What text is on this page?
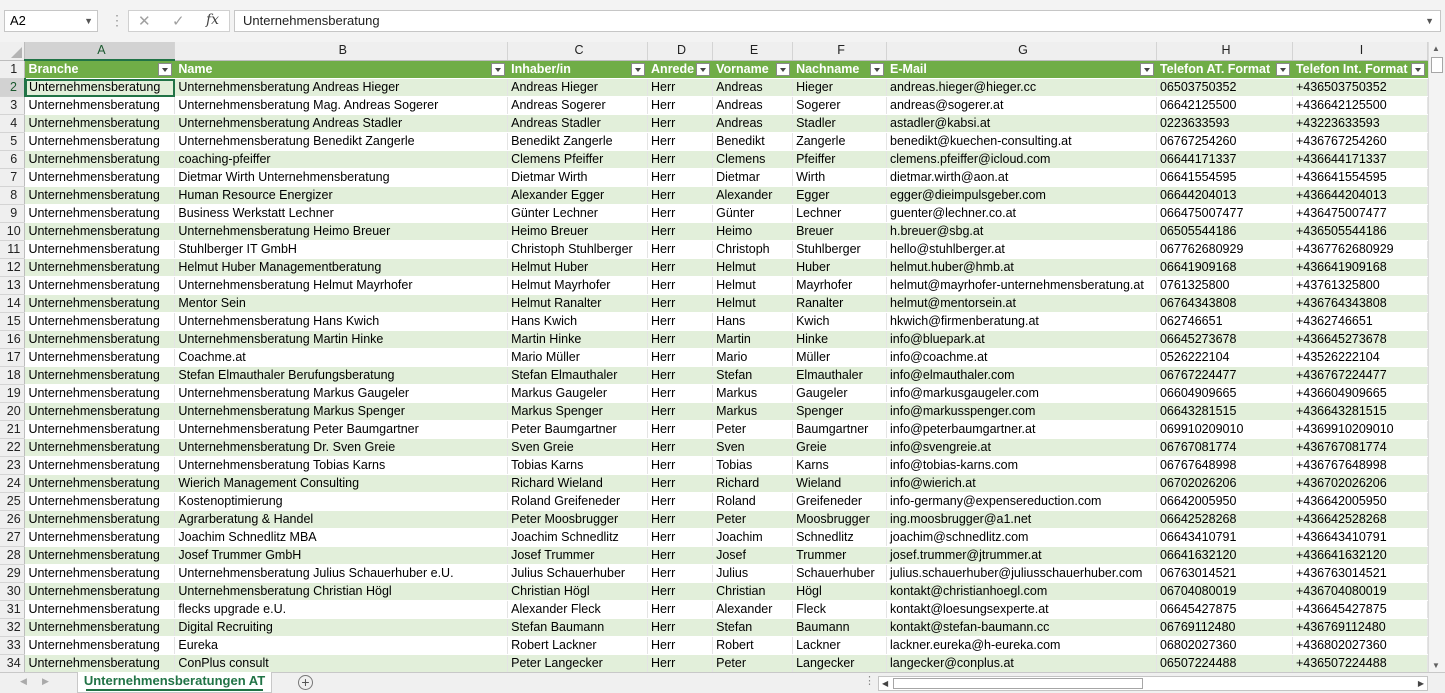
A2	▼ ⋮ ✕ ✓ fx	Unternehmensberatung	▼
	A	B	C	D	E	F	G	H	I
1	Branche	Name	Inhaber/in	Anrede	Vorname	Nachname	E-Mail	Telefon AT. Format	Telefon Int. Format

2	Unternehmensberatung	Unternehmensberatung Andreas Hieger	Andreas Hieger	Herr	Andreas	Hieger	andreas.hieger@hieger.cc	06503750352	+436503750352
3	Unternehmensberatung	Unternehmensberatung Mag. Andreas Sogerer	Andreas Sogerer	Herr	Andreas	Sogerer	andreas@sogerer.at	06642125500	+436642125500
4	Unternehmensberatung	Unternehmensberatung Andreas Stadler	Andreas Stadler	Herr	Andreas	Stadler	astadler@kabsi.at	0223633593	+43223633593
5	Unternehmensberatung	Unternehmensberatung Benedikt Zangerle	Benedikt Zangerle	Herr	Benedikt	Zangerle	benedikt@kuechen-consulting.at	06767254260	+436767254260
6	Unternehmensberatung	coaching-pfeiffer	Clemens Pfeiffer	Herr	Clemens	Pfeiffer	clemens.pfeiffer@icloud.com	06644171337	+436644171337
7	Unternehmensberatung	Dietmar Wirth Unternehmensberatung	Dietmar Wirth	Herr	Dietmar	Wirth	dietmar.wirth@aon.at	06641554595	+436641554595
8	Unternehmensberatung	Human Resource Energizer	Alexander Egger	Herr	Alexander	Egger	egger@dieimpulsgeber.com	06644204013	+436644204013
9	Unternehmensberatung	Business Werkstatt Lechner	Günter Lechner	Herr	Günter	Lechner	guenter@lechner.co.at	066475007477	+436475007477
10	Unternehmensberatung	Unternehmensberatung Heimo Breuer	Heimo Breuer	Herr	Heimo	Breuer	h.breuer@sbg.at	06505544186	+436505544186
11	Unternehmensberatung	Stuhlberger IT GmbH	Christoph Stuhlberger	Herr	Christoph	Stuhlberger	hello@stuhlberger.at	067762680929	+4367762680929
12	Unternehmensberatung	Helmut Huber Managementberatung	Helmut Huber	Herr	Helmut	Huber	helmut.huber@hmb.at	06641909168	+436641909168
13	Unternehmensberatung	Unternehmensberatung Helmut Mayrhofer	Helmut Mayrhofer	Herr	Helmut	Mayrhofer	helmut@mayrhofer-unternehmensberatung.at	0761325800	+43761325800
14	Unternehmensberatung	Mentor Sein	Helmut Ranalter	Herr	Helmut	Ranalter	helmut@mentorsein.at	06764343808	+436764343808
15	Unternehmensberatung	Unternehmensberatung Hans Kwich	Hans Kwich	Herr	Hans	Kwich	hkwich@firmenberatung.at	062746651	+4362746651
16	Unternehmensberatung	Unternehmensberatung Martin Hinke	Martin Hinke	Herr	Martin	Hinke	info@bluepark.at	06645273678	+436645273678
17	Unternehmensberatung	Coachme.at	Mario Müller	Herr	Mario	Müller	info@coachme.at	0526222104	+43526222104
18	Unternehmensberatung	Stefan Elmauthaler Berufungsberatung	Stefan Elmauthaler	Herr	Stefan	Elmauthaler	info@elmauthaler.com	06767224477	+436767224477
19	Unternehmensberatung	Unternehmensberatung Markus Gaugeler	Markus Gaugeler	Herr	Markus	Gaugeler	info@markusgaugeler.com	06604909665	+436604909665
20	Unternehmensberatung	Unternehmensberatung Markus Spenger	Markus Spenger	Herr	Markus	Spenger	info@markusspenger.com	06643281515	+436643281515
21	Unternehmensberatung	Unternehmensberatung Peter Baumgartner	Peter Baumgartner	Herr	Peter	Baumgartner	info@peterbaumgartner.at	069910209010	+4369910209010
22	Unternehmensberatung	Unternehmensberatung Dr. Sven Greie	Sven Greie	Herr	Sven	Greie	info@svengreie.at	06767081774	+436767081774
23	Unternehmensberatung	Unternehmensberatung Tobias Karns	Tobias Karns	Herr	Tobias	Karns	info@tobias-karns.com	06767648998	+436767648998
24	Unternehmensberatung	Wierich Management Consulting	Richard Wieland	Herr	Richard	Wieland	info@wierich.at	06702026206	+436702026206
25	Unternehmensberatung	Kostenoptimierung	Roland Greifeneder	Herr	Roland	Greifeneder	info-germany@expensereduction.com	06642005950	+436642005950
26	Unternehmensberatung	Agrarberatung & Handel	Peter Moosbrugger	Herr	Peter	Moosbrugger	ing.moosbrugger@a1.net	06642528268	+436642528268
27	Unternehmensberatung	Joachim Schnedlitz MBA	Joachim Schnedlitz	Herr	Joachim	Schnedlitz	joachim@schnedlitz.com	06643410791	+436643410791
28	Unternehmensberatung	Josef Trummer GmbH	Josef Trummer	Herr	Josef	Trummer	josef.trummer@jtrummer.at	06641632120	+436641632120
29	Unternehmensberatung	Unternehmensberatung Julius Schauerhuber e.U.	Julius Schauerhuber	Herr	Julius	Schauerhuber	julius.schauerhuber@juliusschauerhuber.com	06763014521	+436763014521
30	Unternehmensberatung	Unternehmensberatung Christian Högl	Christian Högl	Herr	Christian	Högl	kontakt@christianhoegl.com	06704080019	+436704080019
31	Unternehmensberatung	flecks upgrade e.U.	Alexander Fleck	Herr	Alexander	Fleck	kontakt@loesungsexperte.at	06645427875	+436645427875
32	Unternehmensberatung	Digital Recruiting	Stefan Baumann	Herr	Stefan	Baumann	kontakt@stefan-baumann.cc	06769112480	+436769112480
33	Unternehmensberatung	Eureka	Robert Lackner	Herr	Robert	Lackner	lackner.eureka@h-eureka.com	06802027360	+436802027360
34	Unternehmensberatung	ConPlus consult	Peter Langecker	Herr	Peter	Langecker	langecker@conplus.at	06507224488	+436507224488
▲
▼
◀ ▶	Unternehmensberatungen AT	+	⋮ ◀	▶
